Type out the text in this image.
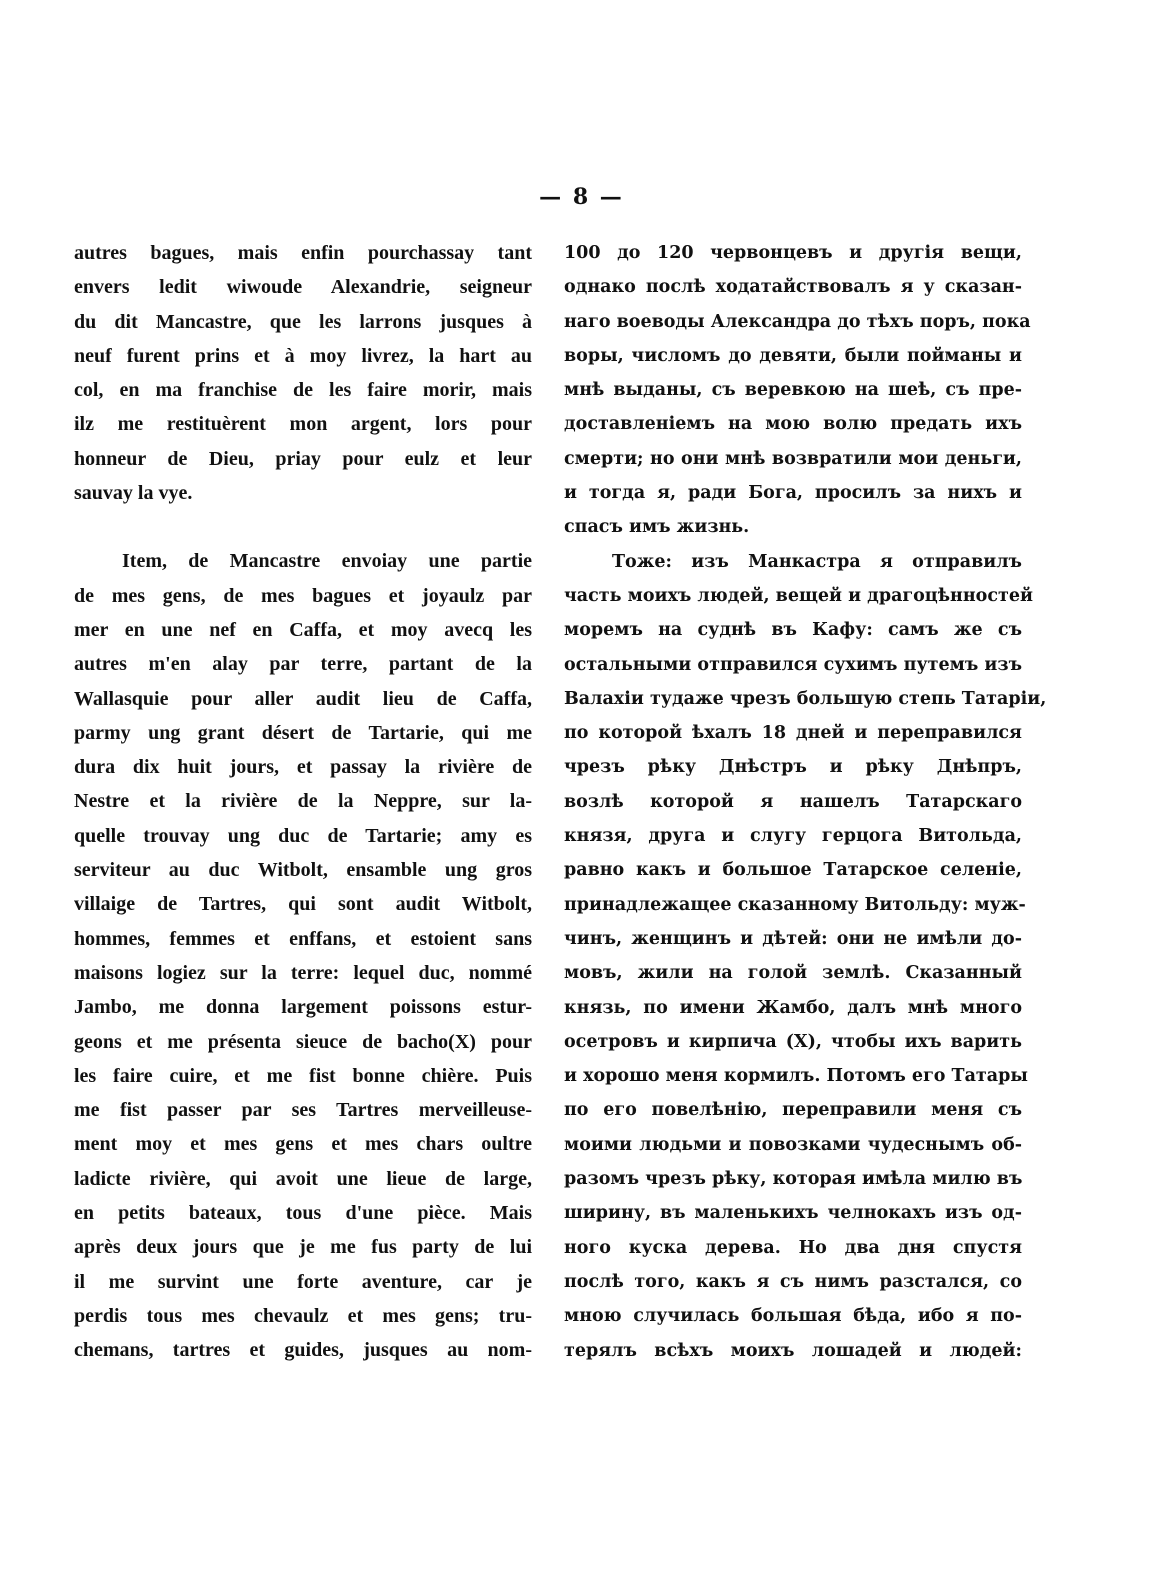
— 8 —
autres bagues, mais enfin pourchassay tant
envers ledit wiwoude Alexandrie, seigneur
du dit Mancastre, que les larrons jusques à
neuf furent prins et à moy livrez, la hart au
col, en ma franchise de les faire morir, mais
ilz me restituèrent mon argent, lors pour
honneur de Dieu, priay pour eulz et leur
sauvay la vye.
Item, de Mancastre envoiay une partie
de mes gens, de mes bagues et joyaulz par
mer en une nef en Caffa, et moy avecq les
autres m'en alay par terre, partant de la
Wallasquie pour aller audit lieu de Caffa,
parmy ung grant désert de Tartarie, qui me
dura dix huit jours, et passay la rivière de
Nestre et la rivière de la Neppre, sur la-
quelle trouvay ung duc de Tartarie; amy es
serviteur au duc Witbolt, ensamble ung gros
villaige de Tartres, qui sont audit Witbolt,
hommes, femmes et enffans, et estoient sans
maisons logiez sur la terre: lequel duc, nommé
Jambo, me donna largement poissons estur-
geons et me présenta sieuce de bacho(X) pour
les faire cuire, et me fist bonne chière. Puis
me fist passer par ses Tartres merveilleuse-
ment moy et mes gens et mes chars oultre
ladicte rivière, qui avoit une lieue de large,
en petits bateaux, tous d'une pièce. Mais
après deux jours que je me fus party de lui
il me survint une forte aventure, car je
perdis tous mes chevaulz et mes gens; tru-
chemans, tartres et guides, jusques au nom-
100 до 120 червонцевъ и другія вещи,
однако послѣ ходатайствовалъ я у сказан-
наго воеводы Александра до тѣхъ поръ, пока
воры, числомъ до девяти, были пойманы и
мнѣ выданы, съ веревкою на шеѣ, съ пре-
доставленіемъ на мою волю предать ихъ
смерти; но они мнѣ возвратили мои деньги,
и тогда я, ради Бога, просилъ за нихъ и
спасъ имъ жизнь.
Тоже: изъ Манкастра я отправилъ
часть моихъ людей, вещей и драгоцѣнностей
моремъ на суднѣ въ Кафу: самъ же съ
остальными отправился сухимъ путемъ изъ
Валахіи тудаже чрезъ большую степь Татаріи,
по которой ѣхалъ 18 дней и переправился
чрезъ рѣку Днѣстръ и рѣку Днѣпръ,
возлѣ которой я нашелъ Татарскаго
князя, друга и слугу герцога Витольда,
равно какъ и большое Татарское селеніе,
принадлежащее сказанному Витольду: муж-
чинъ, женщинъ и дѣтей: они не имѣли до-
мовъ, жили на голой землѣ. Сказанный
князь, по имени Жамбо, далъ мнѣ много
осетровъ и кирпича (X), чтобы ихъ варить
и хорошо меня кормилъ. Потомъ его Татары
по его повелѣнію, переправили меня съ
моими людьми и повозками чудеснымъ об-
разомъ чрезъ рѣку, которая имѣла милю въ
ширину, въ маленькихъ челнокахъ изъ од-
ного куска дерева. Но два дня спустя
послѣ того, какъ я съ нимъ разстался, со
мною случилась большая бѣда, ибо я по-
терялъ всѣхъ моихъ лошадей и людей:
